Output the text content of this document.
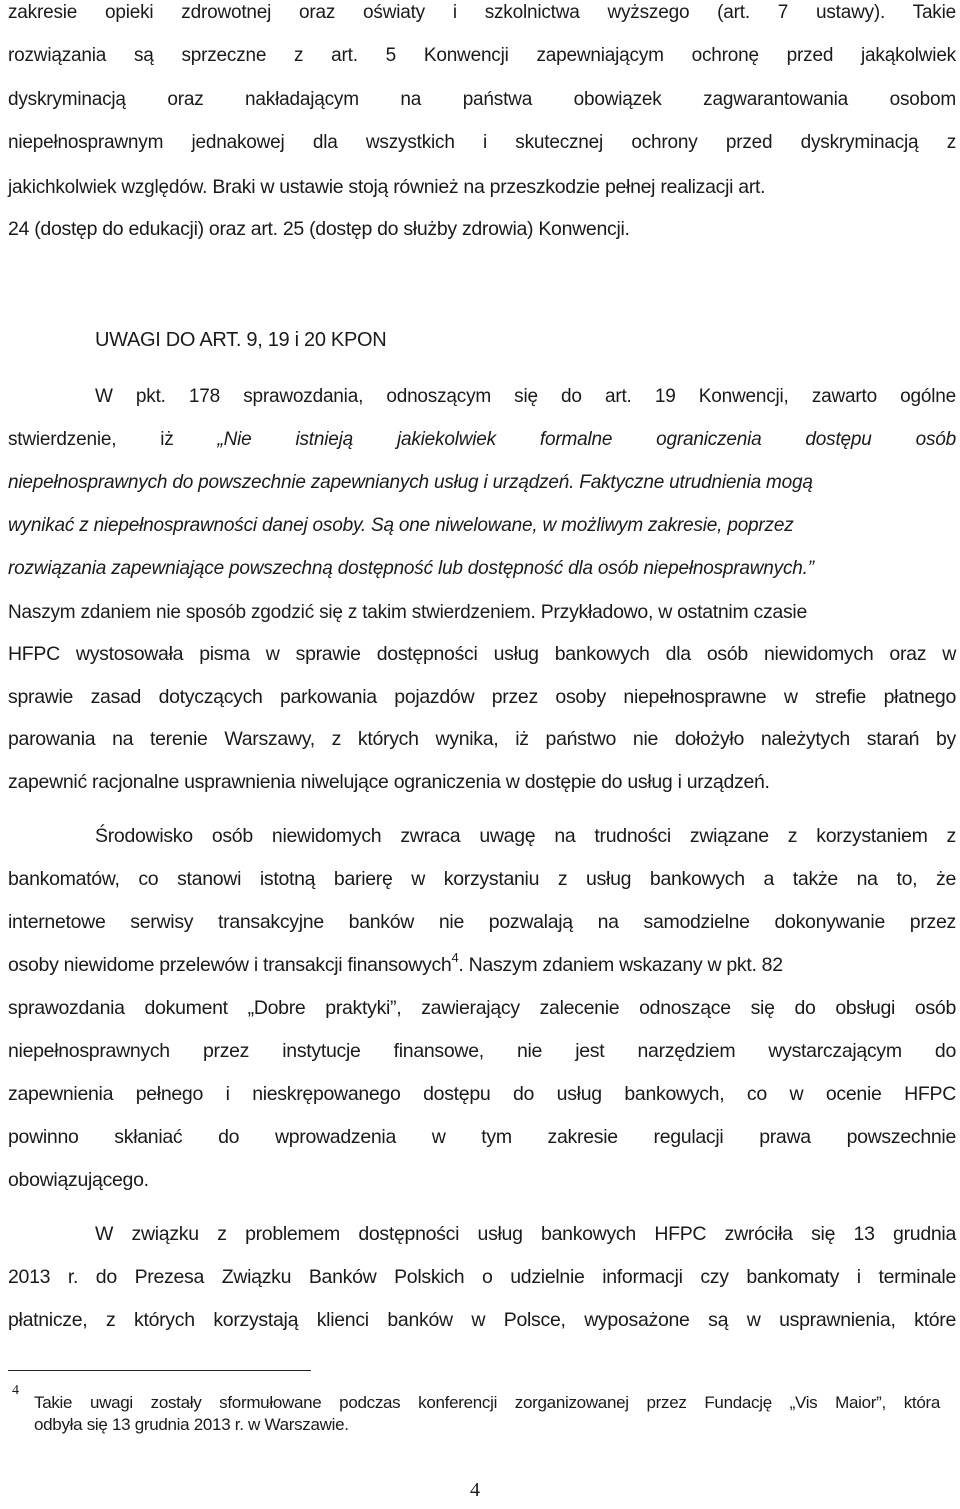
zakresie opieki zdrowotnej oraz oświaty i szkolnictwa wyższego (art. 7 ustawy). Takie
rozwiązania są sprzeczne z art. 5 Konwencji zapewniającym ochronę przed jakąkolwiek
dyskryminacją oraz nakładającym na państwa obowiązek zagwarantowania osobom
niepełnosprawnym jednakowej dla wszystkich i skutecznej ochrony przed dyskryminacją z
jakichkolwiek względów. Braki w ustawie stoją również na przeszkodzie pełnej realizacji art.
24 (dostęp do edukacji) oraz art. 25 (dostęp do służby zdrowia) Konwencji.
UWAGI DO ART. 9, 19 i 20 KPON
W pkt. 178 sprawozdania, odnoszącym się do art. 19 Konwencji, zawarto ogólne
stwierdzenie, iż „Nie istnieją jakiekolwiek formalne ograniczenia dostępu osób
niepełnosprawnych do powszechnie zapewnianych usług i urządzeń. Faktyczne utrudnienia mogą
wynikać z niepełnosprawności danej osoby. Są one niwelowane, w możliwym zakresie, poprzez
rozwiązania zapewniające powszechną dostępność lub dostępność dla osób niepełnosprawnych.”
Naszym zdaniem nie sposób zgodzić się z takim stwierdzeniem. Przykładowo, w ostatnim czasie
HFPC wystosowała pisma w sprawie dostępności usług bankowych dla osób niewidomych oraz w
sprawie zasad dotyczących parkowania pojazdów przez osoby niepełnosprawne w strefie płatnego
parowania na terenie Warszawy, z których wynika, iż państwo nie dołożyło należytych starań by
zapewnić racjonalne usprawnienia niwelujące ograniczenia w dostępie do usług i urządzeń.
Środowisko osób niewidomych zwraca uwagę na trudności związane z korzystaniem z
bankomatów, co stanowi istotną barierę w korzystaniu z usług bankowych a także na to, że
internetowe serwisy transakcyjne banków nie pozwalają na samodzielne dokonywanie przez
osoby niewidome przelewów i transakcji finansowych$^4$. Naszym zdaniem wskazany w pkt. 82
sprawozdania dokument „Dobre praktyki”, zawierający zalecenie odnoszące się do obsługi osób
niepełnosprawnych przez instytucje finansowe, nie jest narzędziem wystarczającym do
zapewnienia pełnego i nieskrępowanego dostępu do usług bankowych, co w ocenie HFPC
powinno skłaniać do wprowadzenia w tym zakresie regulacji prawa powszechnie
obowiązującego.
W związku z problemem dostępności usług bankowych HFPC zwróciła się 13 grudnia
2013 r. do Prezesa Związku Banków Polskich o udzielnie informacji czy bankomaty i terminale
płatnicze, z których korzystają klienci banków w Polsce, wyposażone są w usprawnienia, które
4
Takie uwagi zostały sformułowane podczas konferencji zorganizowanej przez Fundację „Vis Maior”, która
odbyła się 13 grudnia 2013 r. w Warszawie.
4
